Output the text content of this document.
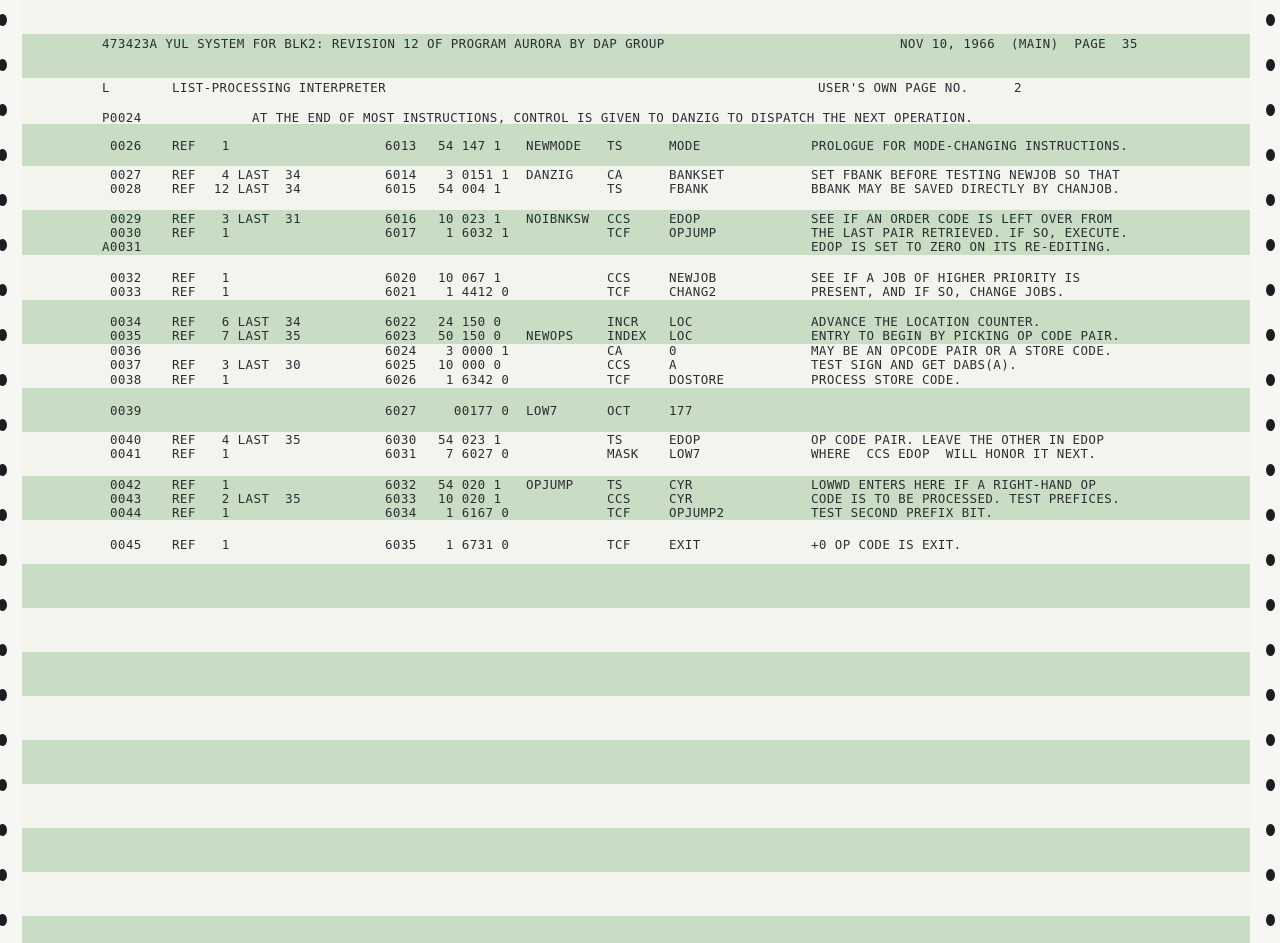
473423A YUL SYSTEM FOR BLK2: REVISION 12 OF PROGRAM AURORA BY DAP GROUP	NOV 10, 1966  (MAIN)  PAGE  35
L	LIST-PROCESSING INTERPRETER	USER'S OWN PAGE NO.	2
P0024	AT THE END OF MOST INSTRUCTIONS, CONTROL IS GIVEN TO DANZIG TO DISPATCH THE NEXT OPERATION.
0026 REF 1	6013 54 147 1 NEWMODE TS	MODE	PROLOGUE FOR MODE-CHANGING INSTRUCTIONS.
0027 REF 4 LAST  34	6014 3 0151 1 DANZIG	CA	BANKSET	SET FBANK BEFORE TESTING NEWJOB SO THAT
0028 REF 12 LAST  34	6015 54 004 1	TS	FBANK	BBANK MAY BE SAVED DIRECTLY BY CHANJOB.
0029 REF 3 LAST  31	6016 10 023 1 NOIBNKSW CCS	EDOP	SEE IF AN ORDER CODE IS LEFT OVER FROM
0030 REF 1	6017 1 6032 1	TCF	OPJUMP	THE LAST PAIR RETRIEVED. IF SO, EXECUTE.
A0031	EDOP IS SET TO ZERO ON ITS RE-EDITING.
0032 REF 1	6020 10 067 1	CCS	NEWJOB	SEE IF A JOB OF HIGHER PRIORITY IS
0033 REF 1	6021 1 4412 0	TCF	CHANG2	PRESENT, AND IF SO, CHANGE JOBS.
0034 REF 6 LAST  34	6022 24 150 0	INCR LOC	ADVANCE THE LOCATION COUNTER.
0035 REF 7 LAST  35	6023 50 150 0 NEWOPS	INDEX LOC	ENTRY TO BEGIN BY PICKING OP CODE PAIR.
0036	6024 3 0000 1	CA	0	MAY BE AN OPCODE PAIR OR A STORE CODE.
0037 REF 3 LAST  30	6025 10 000 0	CCS	A	TEST SIGN AND GET DABS(A).
0038 REF 1	6026 1 6342 0	TCF	DOSTORE	PROCESS STORE CODE.
0039	6027 00177 0 LOW7	OCT	177
0040 REF 4 LAST  35	6030 54 023 1	TS	EDOP	OP CODE PAIR. LEAVE THE OTHER IN EDOP
0041 REF 1	6031 7 6027 0	MASK LOW7	WHERE  CCS EDOP  WILL HONOR IT NEXT.
0042 REF 1	6032 54 020 1 OPJUMP	TS	CYR	LOWWD ENTERS HERE IF A RIGHT-HAND OP
0043 REF 2 LAST  35	6033 10 020 1	CCS	CYR	CODE IS TO BE PROCESSED. TEST PREFICES.
0044 REF 1	6034 1 6167 0	TCF	OPJUMP2	TEST SECOND PREFIX BIT.
0045 REF 1	6035 1 6731 0	TCF	EXIT	+0 OP CODE IS EXIT.
